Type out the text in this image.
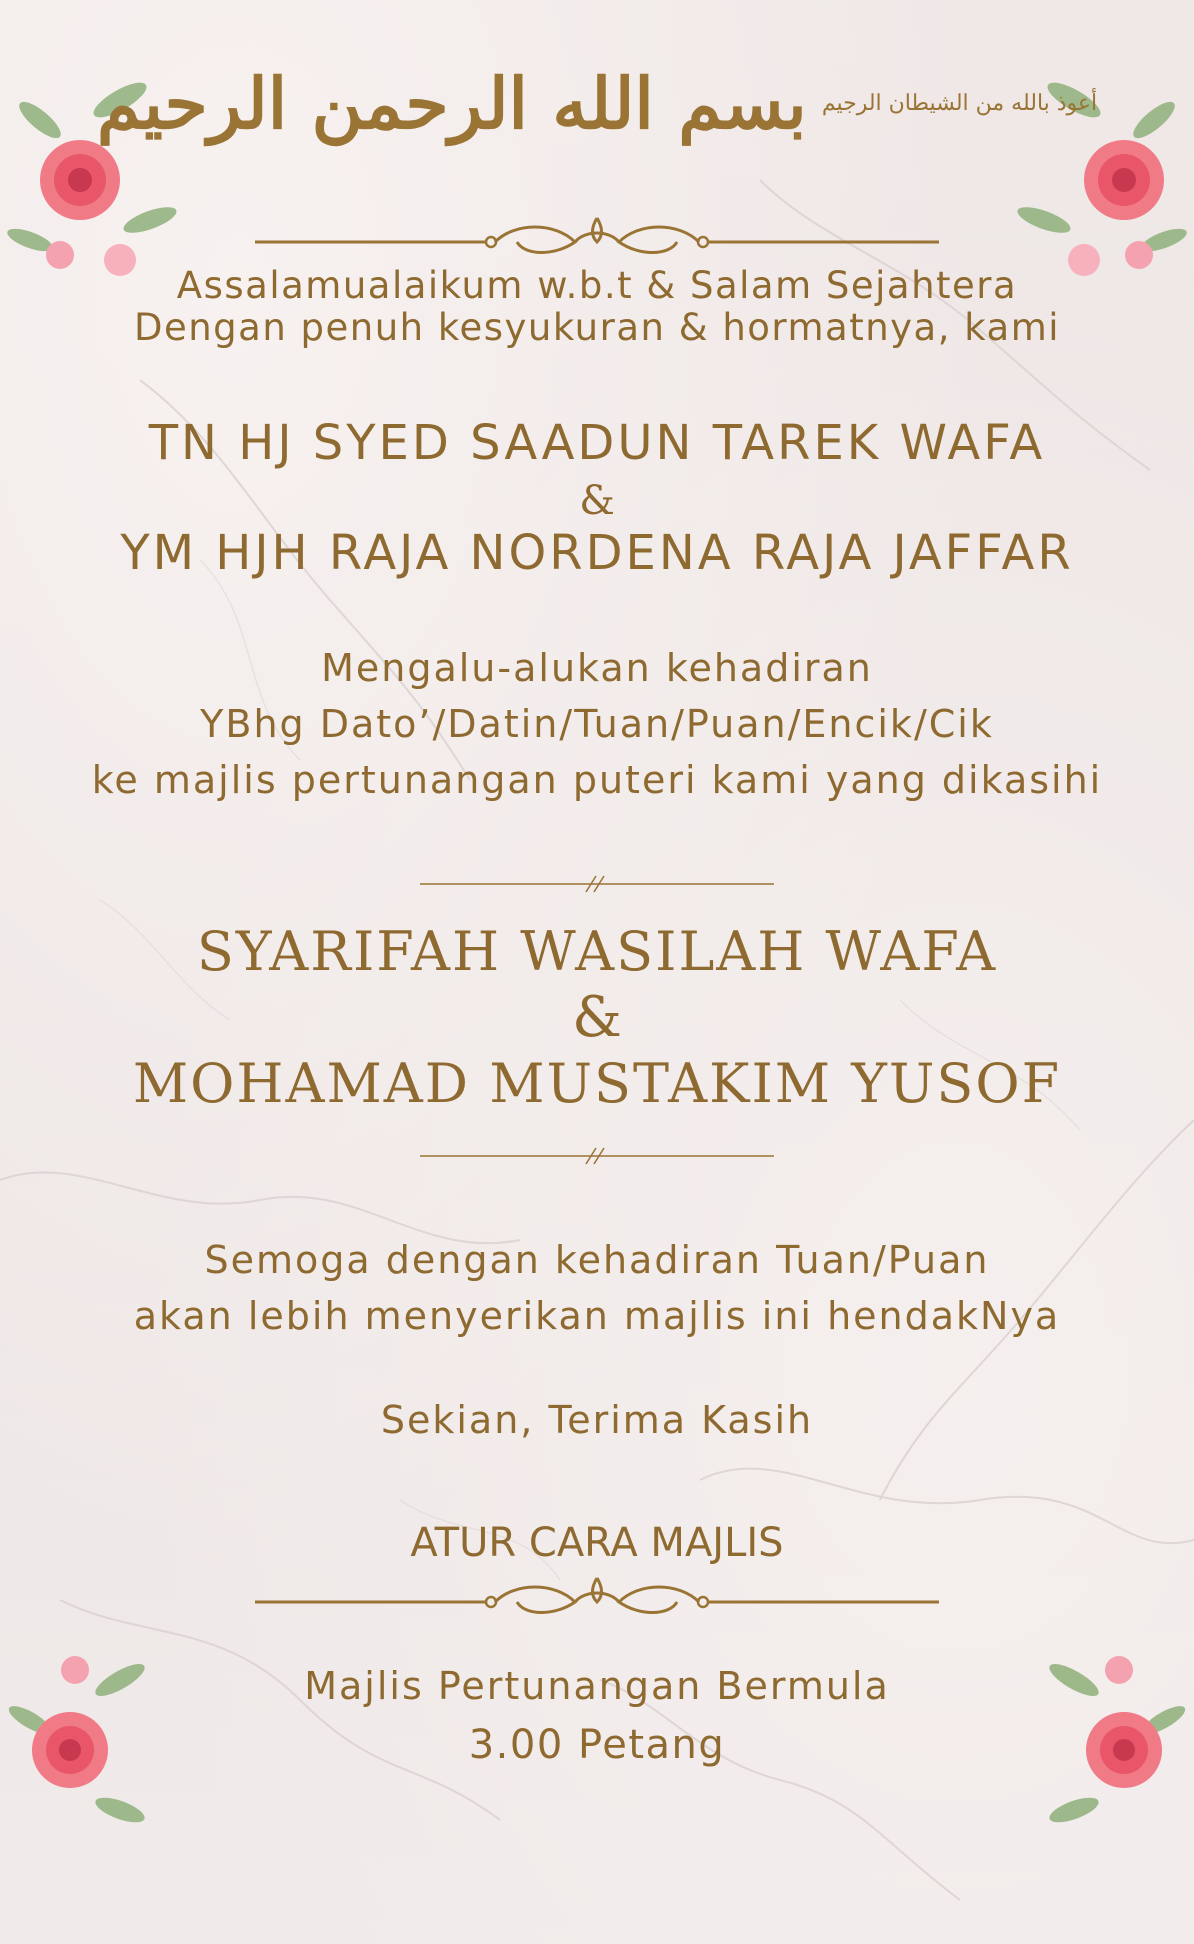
بسم الله الرحمن الرحيم أعوذ بالله من الشيطان الرجيم
Assalamualaikum w.b.t & Salam Sejahtera
Dengan penuh kesyukuran & hormatnya, kami
TN HJ SYED SAADUN TAREK WAFA
&
YM HJH RAJA NORDENA RAJA JAFFAR
Mengalu-alukan kehadiran
YBhg Dato’/Datin/Tuan/Puan/Encik/Cik
ke majlis pertunangan puteri kami yang dikasihi
SYARIFAH WASILAH WAFA
&
MOHAMAD MUSTAKIM YUSOF
Semoga dengan kehadiran Tuan/Puan
akan lebih menyerikan majlis ini hendakNya
Sekian, Terima Kasih
ATUR CARA MAJLIS
Majlis Pertunangan Bermula
3.00 Petang
